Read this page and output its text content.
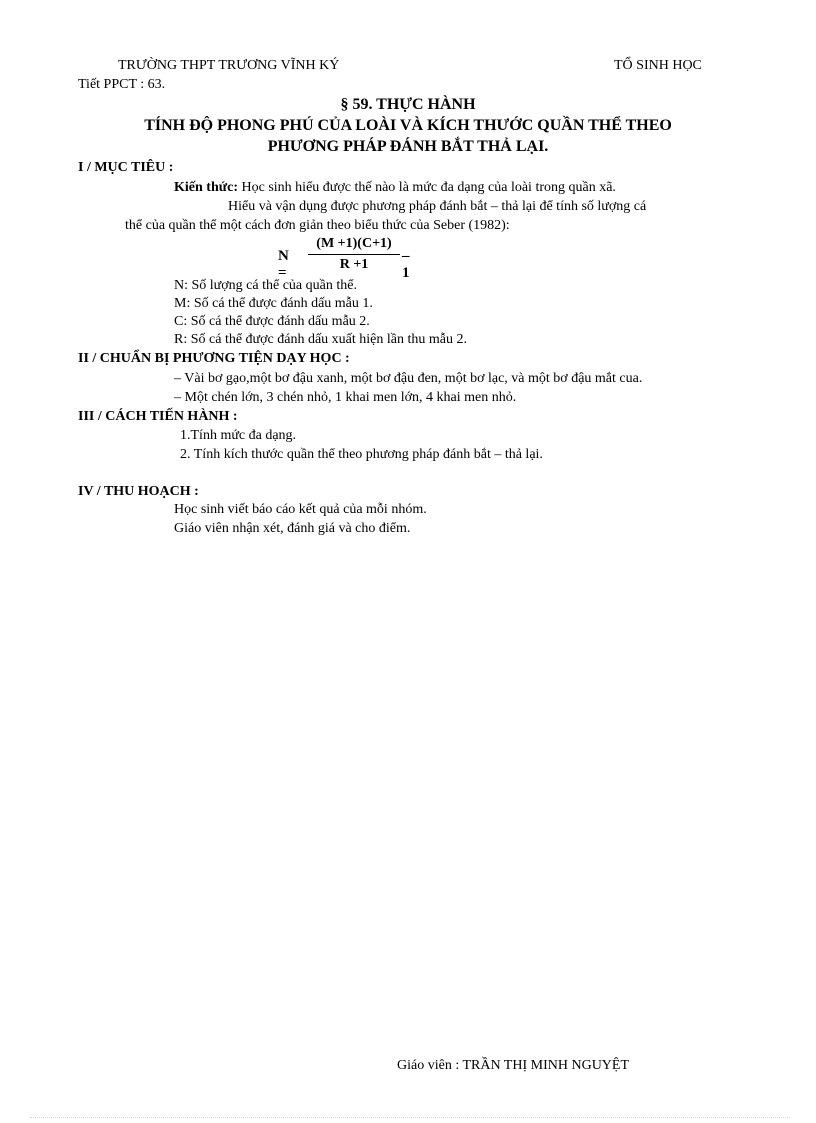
TRƯỜNG THPT TRƯƠNG VĨNH KÝ	TỔ SINH HỌC
Tiết PPCT : 63.
§ 59. THỰC HÀNH
TÍNH ĐỘ PHONG PHÚ CỦA LOÀI VÀ KÍCH THƯỚC QUẦN THỂ THEO
PHƯƠNG PHÁP ĐÁNH BẮT THẢ LẠI.
I / MỤC TIÊU :
Kiến thức: Học sinh hiểu được thế nào là mức đa dạng của loài trong quần xã.
Hiểu và vận dụng được phương pháp đánh bắt – thả lại để tính số lượng cá
thể của quần thể một cách đơn giản theo biểu thức của Seber (1982):
N =
(M +1)(C+1)
R +1
–1
N: Số lượng cá thể của quần thể.
M: Số cá thể được đánh dấu mẫu 1.
C: Số cá thể được đánh dấu mẫu 2.
R: Số cá thể được đánh dấu xuất hiện lần thu mẫu 2.
II / CHUẨN BỊ PHƯƠNG TIỆN DẠY HỌC :
– Vài bơ gạo,một bơ đậu xanh, một bơ đậu đen, một bơ lạc, và một bơ đậu mắt cua.
– Một chén lớn, 3 chén nhỏ, 1 khai men lớn, 4 khai men nhỏ.
III / CÁCH TIẾN HÀNH :
1.Tính mức đa dạng.
2. Tính kích thước quần thể theo phương pháp đánh bắt – thả lại.
IV / THU HOẠCH :
Học sinh viết báo cáo kết quả của mỗi nhóm.
Giáo viên nhận xét, đánh giá và cho điểm.
Giáo viên : TRẦN THỊ MINH NGUYỆT
